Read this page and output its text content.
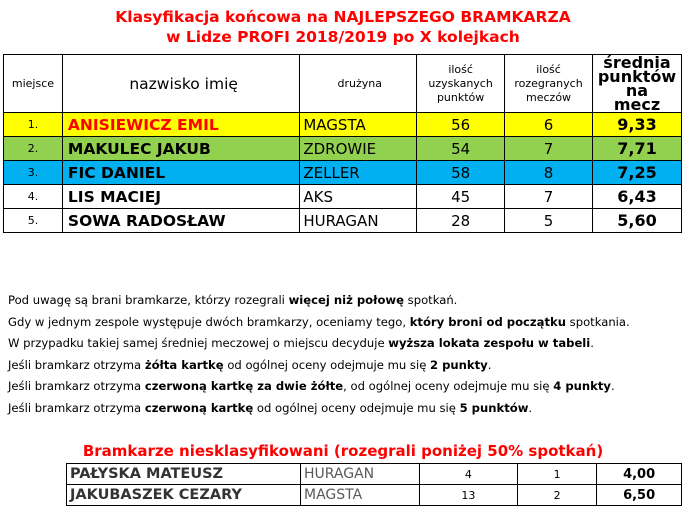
Klasyfikacja końcowa na NAJLEPSZEGO BRAMKARZA
w Lidze PROFI 2018/2019 po X kolejkach
miejsce	nazwisko imię	drużyna	ilość
uzyskanych
punktów	ilość
rozegranych
meczów	średnia
punktów na
mecz
1.	ANISIEWICZ EMIL	MAGSTA	56	6	9,33
2.	MAKULEC JAKUB	ZDROWIE	54	7	7,71
3.	FIC DANIEL	ZELLER	58	8	7,25
4.	LIS MACIEJ	AKS	45	7	6,43
5.	SOWA RADOSŁAW	HURAGAN	28	5	5,60

Pod uwagę są brani bramkarze, którzy rozegrali więcej niż połowę spotkań.

Gdy w jednym zespole występuje dwóch bramkarzy, oceniamy tego, który broni od początku spotkania.

W przypadku takiej samej średniej meczowej o miejscu decyduje wyższa lokata zespołu w tabeli.

Jeśli bramkarz otrzyma żółta kartkę od ogólnej oceny odejmuje mu się 2 punkty.

Jeśli bramkarz otrzyma czerwoną kartkę za dwie żółte, od ogólnej oceny odejmuje mu się 4 punkty.

Jeśli bramkarz otrzyma czerwoną kartkę od ogólnej oceny odejmuje mu się 5 punktów.

Bramkarze niesklasyfikowani (rozegrali poniżej 50% spotkań)
PAŁYSKA MATEUSZ	HURAGAN	4	1	4,00
JAKUBASZEK CEZARY	MAGSTA	13	2	6,50
